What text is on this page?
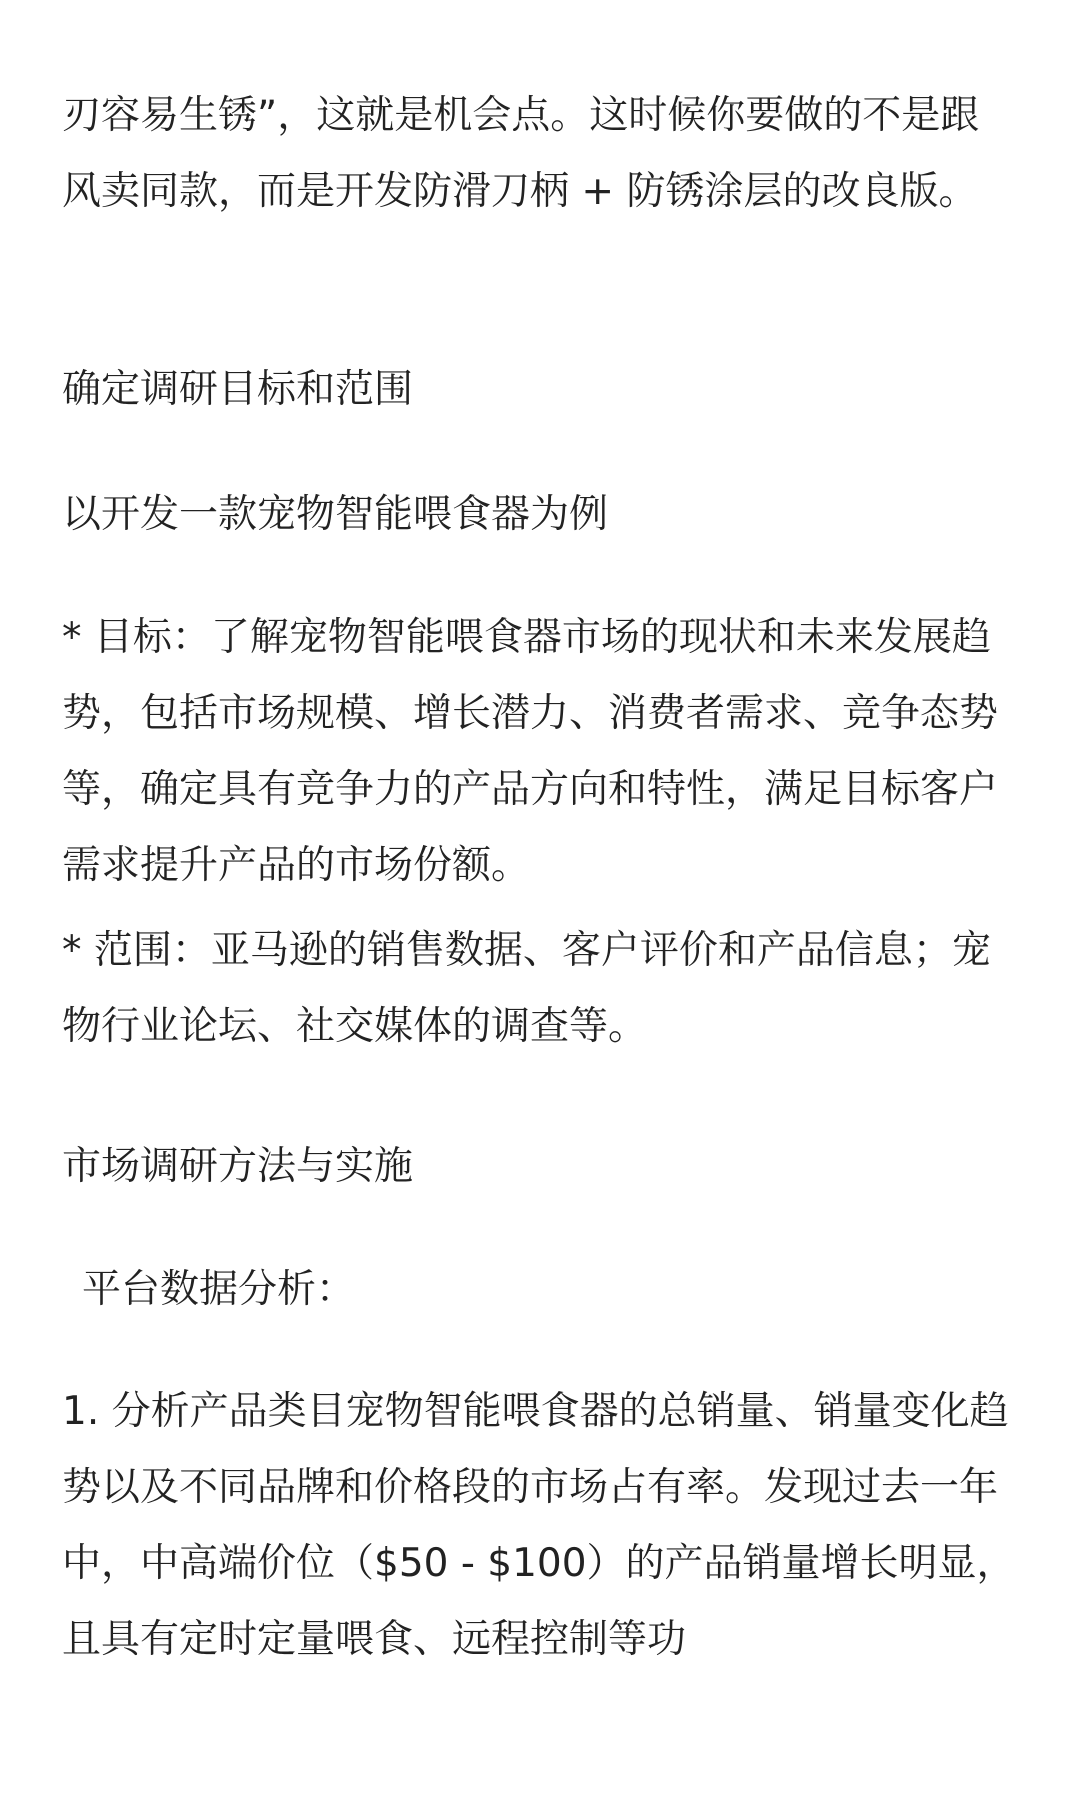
刃容易生锈”，这就是机会点。这时候你要做的不是跟风卖同款，而是开发防滑刀柄 + 防锈涂层的改良版。

确定调研目标和范围

以开发一款宠物智能喂食器为例

* 目标：了解宠物智能喂食器市场的现状和未来发展趋势，包括市场规模、增长潜力、消费者需求、竞争态势等，确定具有竞争力的产品方向和特性，满足目标客户需求提升产品的市场份额。

* 范围：亚马逊的销售数据、客户评价和产品信息；宠物行业论坛、社交媒体的调查等。

市场调研方法与实施

平台数据分析：

1. 分析产品类目宠物智能喂食器的总销量、销量变化趋势以及不同品牌和价格段的市场占有率。发现过去一年中，中高端价位（$50 - $100）的产品销量增长明显，且具有定时定量喂食、远程控制等功
